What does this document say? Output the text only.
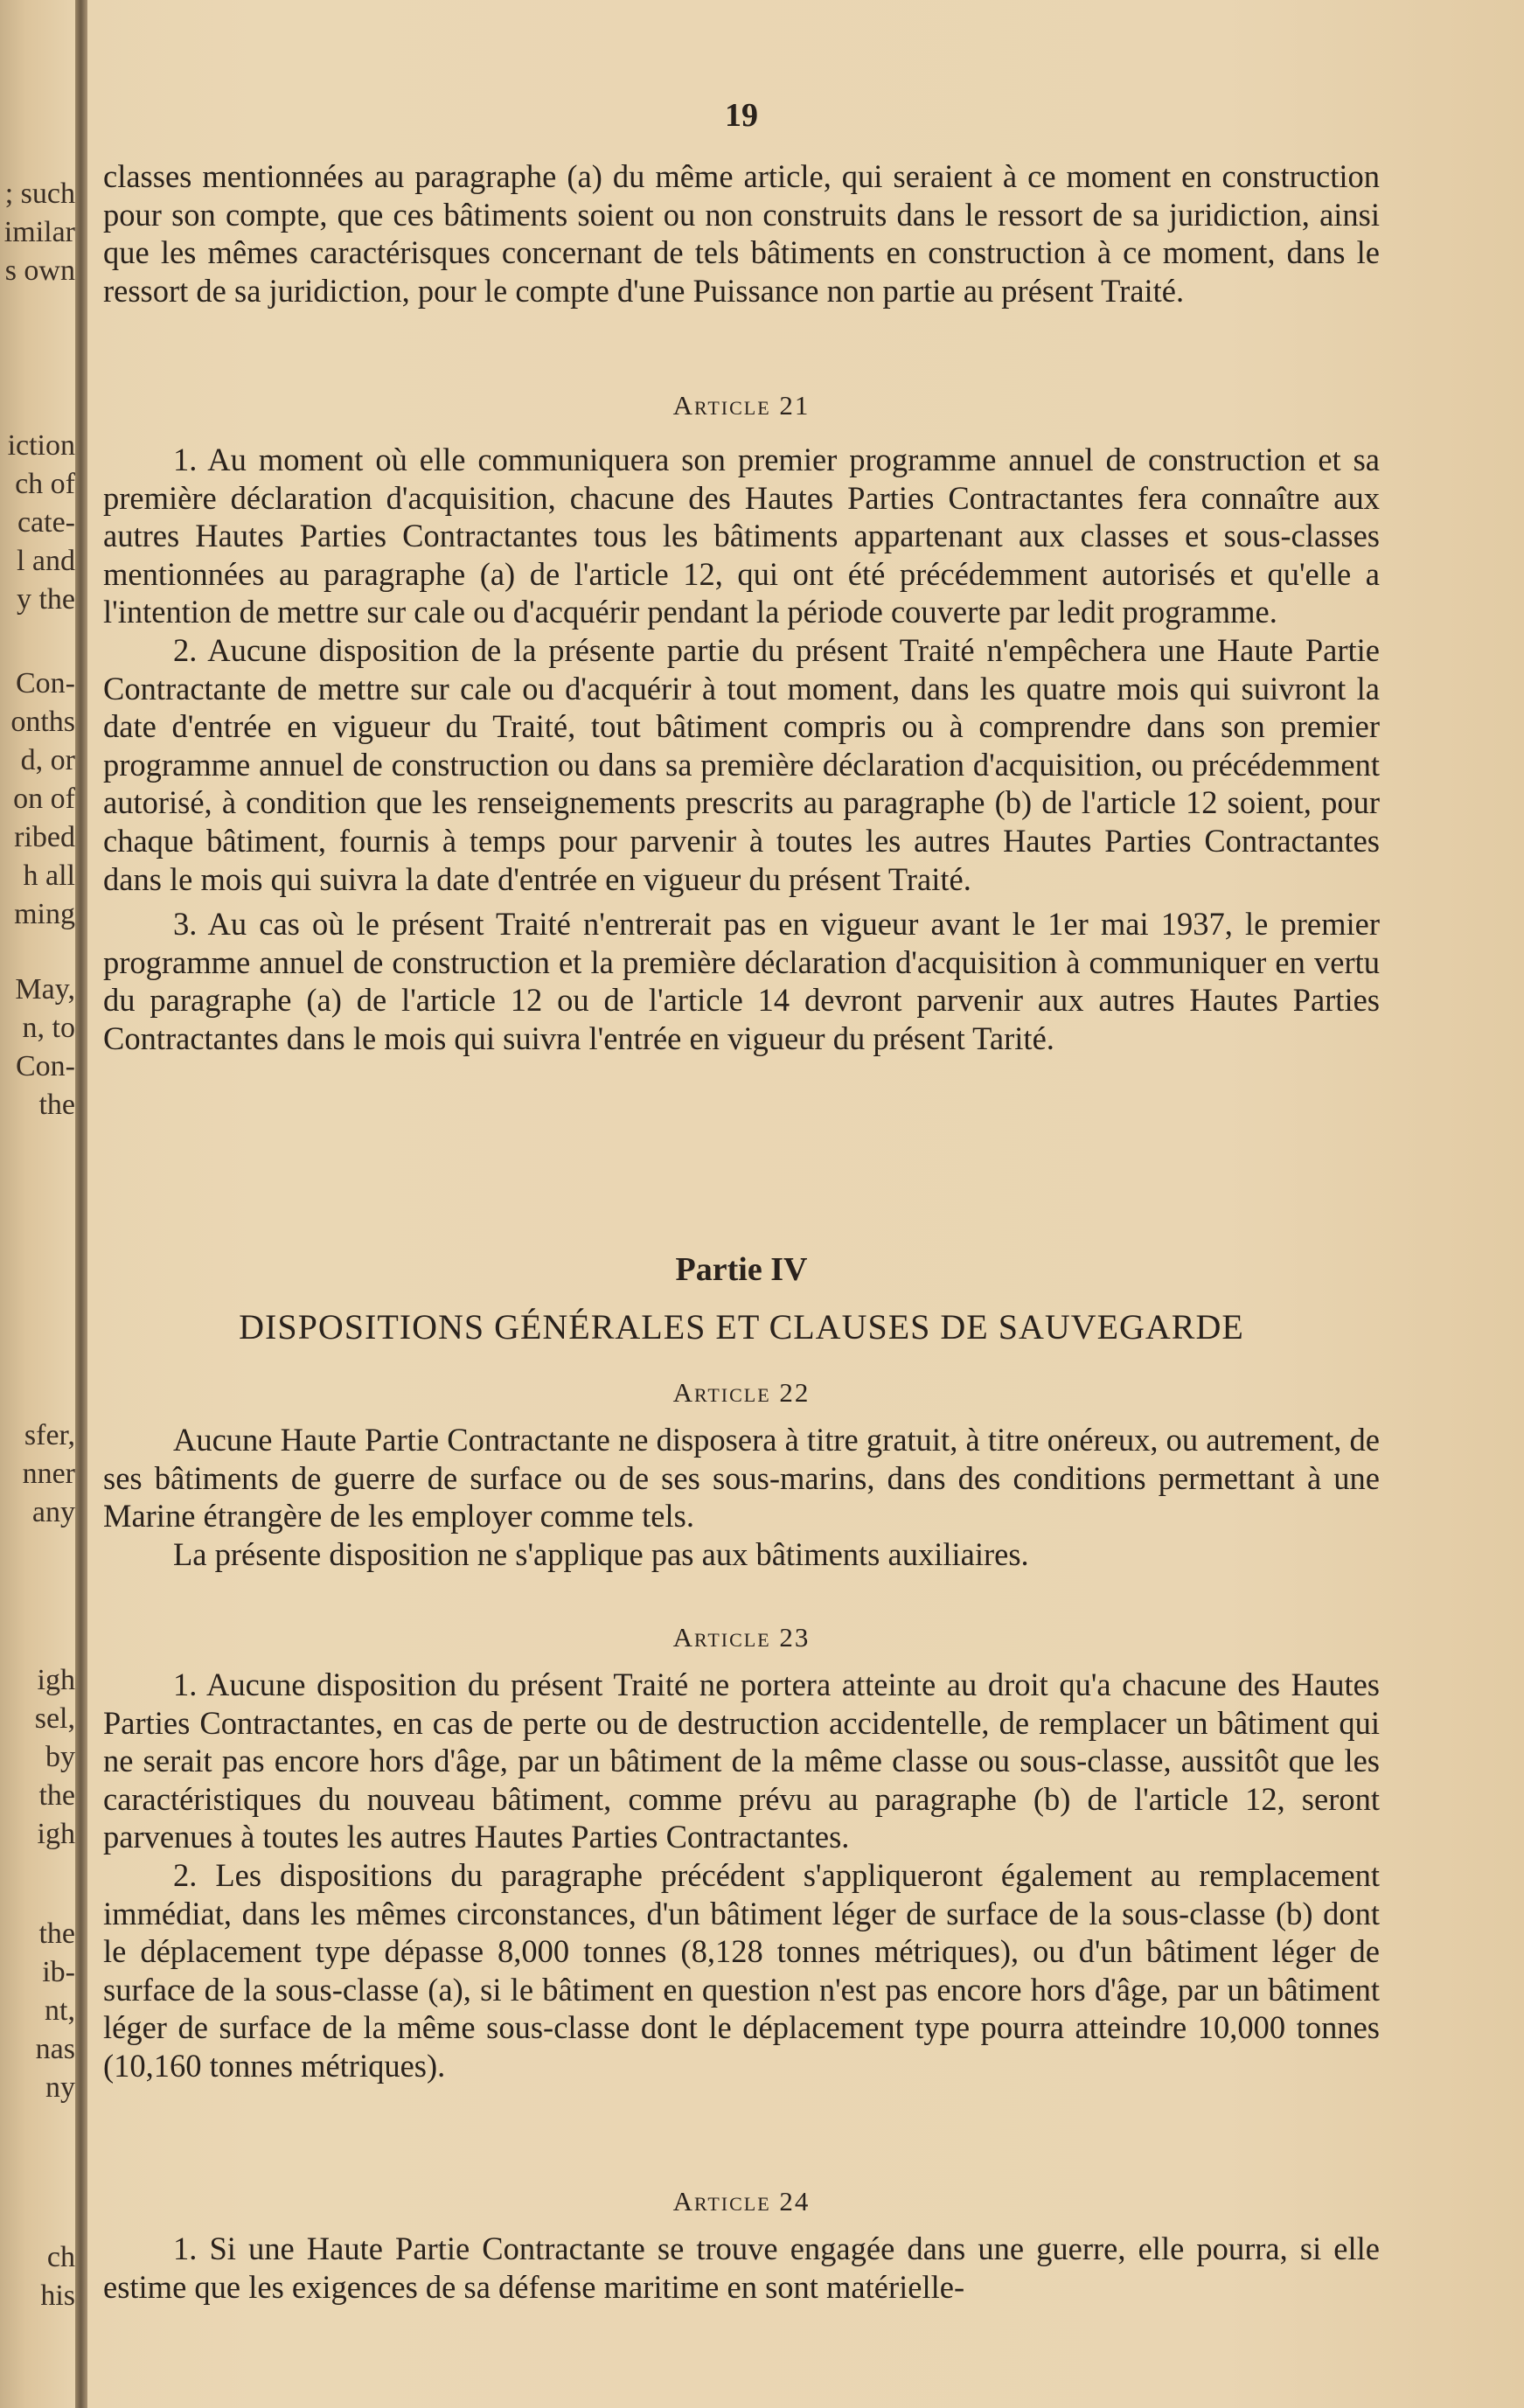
; such
imilar
s own
iction
ch of
cate-
l and
y the
Con-
onths
d, or
on of
ribed
h all
ming
May,
n, to
Con-
the
sfer,
nner
any
igh
sel,
by
the
igh
the
ib-
nt,
nas
ny
ch
his
19

classes mentionnées au paragraphe (a) du même article, qui seraient à ce moment en construction pour son compte, que ces bâtiments soient ou non construits dans le ressort de sa juridiction, ainsi que les mêmes caractérisques concernant de tels bâtiments en construction à ce moment, dans le ressort de sa juridiction, pour le compte d'une Puissance non partie au présent Traité.

Article 21

1. Au moment où elle communiquera son premier programme annuel de construction et sa première déclaration d'acquisition, chacune des Hautes Parties Contractantes fera connaître aux autres Hautes Parties Contractantes tous les bâtiments appartenant aux classes et sous-classes mentionnées au paragraphe (a) de l'article 12, qui ont été précédemment autorisés et qu'elle a l'intention de mettre sur cale ou d'acquérir pendant la période couverte par ledit programme.

2. Aucune disposition de la présente partie du présent Traité n'empêchera une Haute Partie Contractante de mettre sur cale ou d'acquérir à tout moment, dans les quatre mois qui suivront la date d'entrée en vigueur du Traité, tout bâtiment compris ou à comprendre dans son premier programme annuel de construction ou dans sa première déclaration d'acquisition, ou précédemment autorisé, à condition que les renseignements prescrits au paragraphe (b) de l'article 12 soient, pour chaque bâtiment, fournis à temps pour parvenir à toutes les autres Hautes Parties Contractantes dans le mois qui suivra la date d'entrée en vigueur du présent Traité.

3. Au cas où le présent Traité n'entrerait pas en vigueur avant le 1er mai 1937, le premier programme annuel de construction et la première déclaration d'acquisition à communiquer en vertu du paragraphe (a) de l'article 12 ou de l'article 14 devront parvenir aux autres Hautes Parties Contractantes dans le mois qui suivra l'entrée en vigueur du présent Tarité.

Partie IV
DISPOSITIONS GÉNÉRALES ET CLAUSES DE SAUVEGARDE
Article 22

Aucune Haute Partie Contractante ne disposera à titre gratuit, à titre onéreux, ou autrement, de ses bâtiments de guerre de surface ou de ses sous-marins, dans des conditions permettant à une Marine étrangère de les employer comme tels.

La présente disposition ne s'applique pas aux bâtiments auxiliaires.

Article 23

1. Aucune disposition du présent Traité ne portera atteinte au droit qu'a chacune des Hautes Parties Contractantes, en cas de perte ou de destruction accidentelle, de remplacer un bâtiment qui ne serait pas encore hors d'âge, par un bâtiment de la même classe ou sous-classe, aussitôt que les caractéristiques du nouveau bâtiment, comme prévu au paragraphe (b) de l'article 12, seront parvenues à toutes les autres Hautes Parties Contractantes.

2. Les dispositions du paragraphe précédent s'appliqueront également au remplacement immédiat, dans les mêmes circonstances, d'un bâtiment léger de surface de la sous-classe (b) dont le déplacement type dépasse 8,000 tonnes (8,128 tonnes métriques), ou d'un bâtiment léger de surface de la sous-classe (a), si le bâtiment en question n'est pas encore hors d'âge, par un bâtiment léger de surface de la même sous-classe dont le déplacement type pourra atteindre 10,000 tonnes (10,160 tonnes métriques).

Article 24

1. Si une Haute Partie Contractante se trouve engagée dans une guerre, elle pourra, si elle estime que les exigences de sa défense maritime en sont matérielle-
